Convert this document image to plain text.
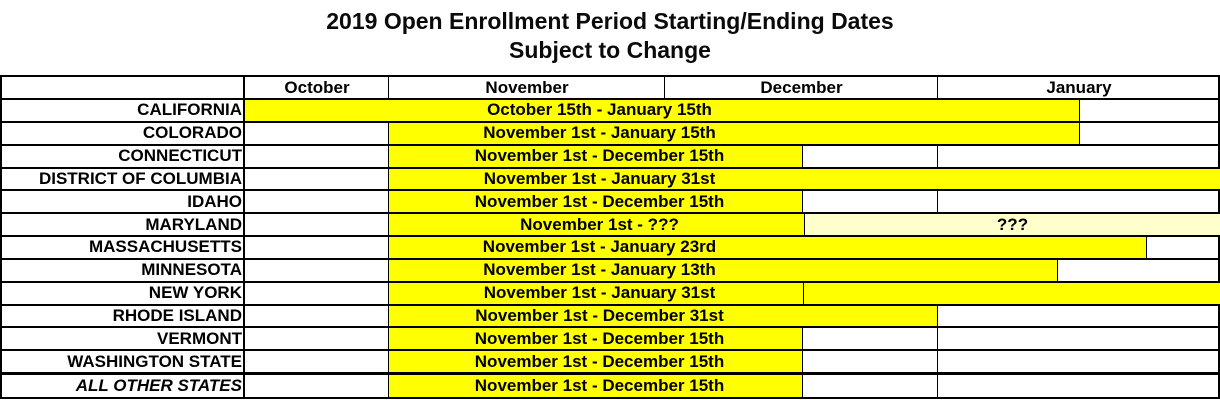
2019 Open Enrollment Period Starting/Ending Dates
Subject to Change
October	November	December	January
CALIFORNIA	October 15th - January 15th
COLORADO	November 1st - January 15th
CONNECTICUT	November 1st - December 15th
DISTRICT OF COLUMBIA	November 1st - January 31st
IDAHO	November 1st - December 15th
MARYLAND	November 1st - ???	???
MASSACHUSETTS	November 1st - January 23rd
MINNESOTA	November 1st - January 13th
NEW YORK	November 1st - January 31st
RHODE ISLAND	November 1st - December 31st
VERMONT	November 1st - December 15th
WASHINGTON STATE	November 1st - December 15th
ALL OTHER STATES	November 1st - December 15th
